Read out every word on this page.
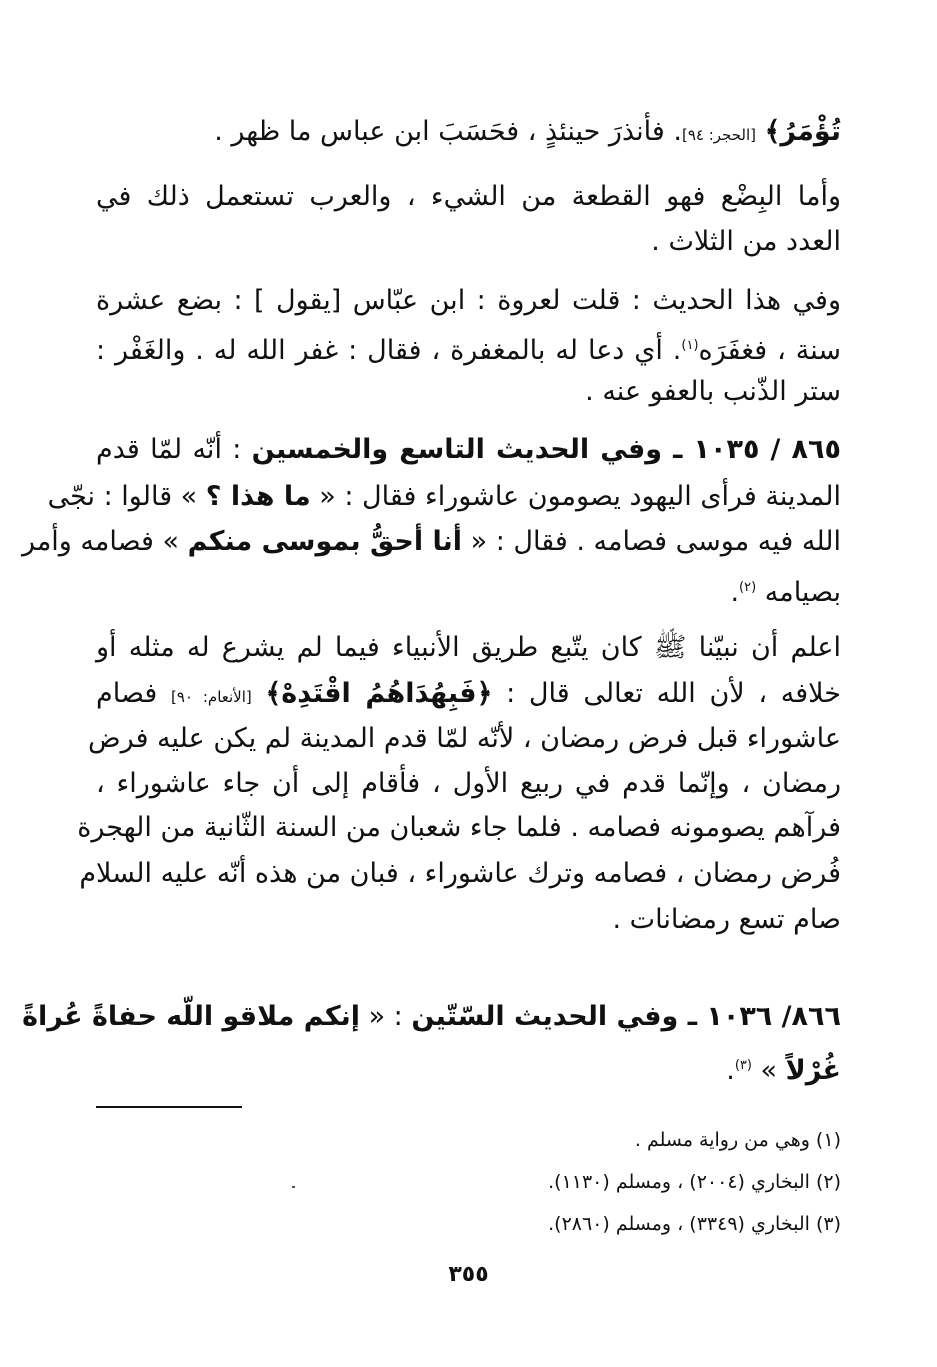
تُؤْمَرُ﴾ [الحجر: ٩٤]. فأنذرَ حينئذٍ ، فحَسَبَ ابن عباس ما ظهر .
وأما البِضْع فهو القطعة من الشيء ، والعرب تستعمل ذلك في
العدد من الثلاث .
وفي هذا الحديث : قلت لعروة : ابن عبّاس [يقول ] : بضع عشرة
سنة ، فغفَرَه$^{(١)}$. أي دعا له بالمغفرة ، فقال : غفر الله له . والغَفْر :
ستر الذّنب بالعفو عنه .
٨٦٥ / ١٠٣٥ ـ وفي الحديث التاسع والخمسين : أنّه لمّا قدم
المدينة فرأى اليهود يصومون عاشوراء فقال : « ما هذا ؟ » قالوا : نجّى
الله فيه موسى فصامه . فقال : « أنا أحقُّ بموسى منكم » فصامه وأمر
بصيامه $^{(٢)}$.
اعلم أن نبيّنا ﷺ كان يتّبع طريق الأنبياء فيما لم يشرع له مثله أو
خلافه ، لأن الله تعالى قال : ﴿فَبِهُدَاهُمُ اقْتَدِهْ﴾ [الأنعام: ٩٠] فصام
عاشوراء قبل فرض رمضان ، لأنّه لمّا قدم المدينة لم يكن عليه فرض
رمضان ، وإنّما قدم في ربيع الأول ، فأقام إلى أن جاء عاشوراء ،
فرآهم يصومونه فصامه . فلما جاء شعبان من السنة الثّانية من الهجرة
فُرض رمضان ، فصامه وترك عاشوراء ، فبان من هذه أنّه عليه السلام
صام تسع رمضانات .
٨٦٦/ ١٠٣٦ ـ وفي الحديث السّتّين : « إنكم ملاقو اللّه حفاةً عُراةً
غُرْلاً » $^{(٣)}$.
(١) وهي من رواية مسلم .
(٢) البخاري (٢٠٠٤) ، ومسلم (١١٣٠).
(٣) البخاري (٣٣٤٩) ، ومسلم (٢٨٦٠).
٣٥٥
